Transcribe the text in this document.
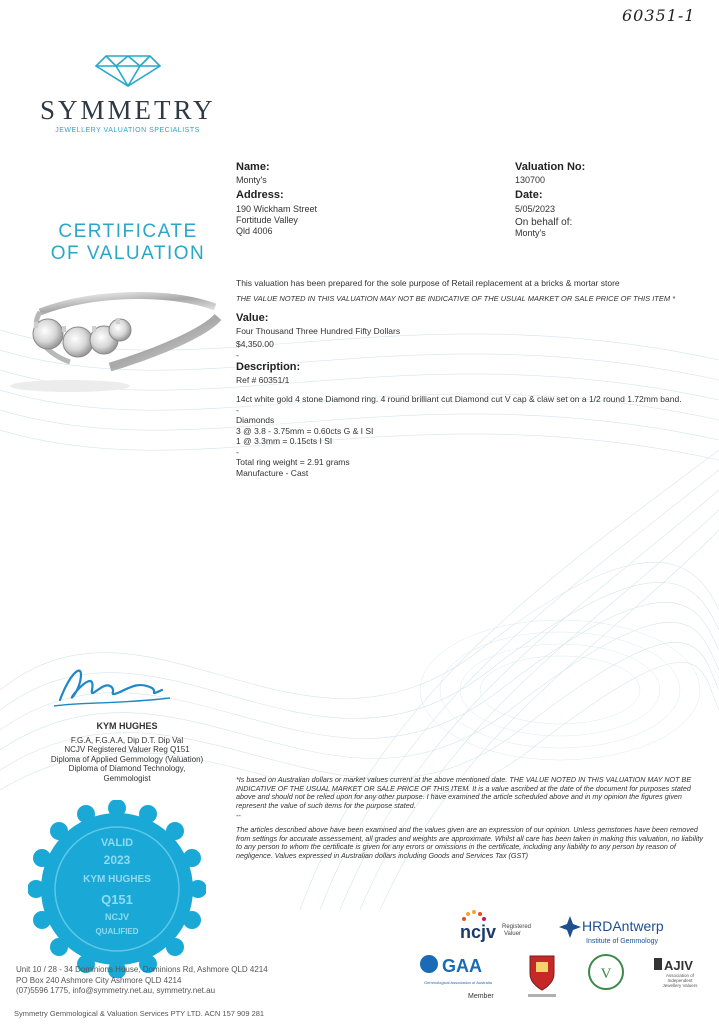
60351-1
SYMMETRY
JEWELLERY VALUATION SPECIALISTS
CERTIFICATE
OF VALUATION
Name:
Monty's
Address:
190 Wickham Street
Fortitude Valley
Qld 4006
Valuation No:
130700
Date:
5/05/2023
On behalf of:
Monty's

This valuation has been prepared for the sole purpose of Retail replacement at a bricks & mortar store

THE VALUE NOTED IN THIS VALUATION MAY NOT BE INDICATIVE OF THE USUAL MARKET OR SALE PRICE OF THIS ITEM *

Value:

Four Thousand Three Hundred Fifty Dollars

$4,350.00

-

Description:

Ref # 60351/1

14ct white gold 4 stone Diamond ring. 4 round brilliant cut Diamond cut V cap & claw set on a 1/2 round 1.72mm band.

-

Diamonds

3 @ 3.8 - 3.75mm = 0.60cts G & I SI

1 @ 3.3mm = 0.15cts I SI

-

Total ring weight = 2.91 grams

Manufacture - Cast

KYM HUGHES
F.G.A, F.G.A.A, Dip D.T. Dip Val
NCJV Registered Valuer Reg Q151
Diploma of Applied Gemmology (Valuation)
Diploma of Diamond Technology,
Gemmologist
VALID
2023
KYM HUGHES
Q151
NCJV
QUALIFIED

*Is based on Australian dollars or market values current at the above mentioned date. THE VALUE NOTED IN THIS VALUATION MAY NOT BE INDICATIVE OF THE USUAL MARKET OR SALE PRICE OF THIS ITEM. It is a value ascribed at the date of the document for purposes stated above and should not be relied upon for any other purpose. I have examined the article scheduled above and in my opinion the figures given represent the value of such items for the purpose stated.

--

The articles described above have been examined and the values given are an expression of our opinion. Unless gemstones have been removed from settings for accurate assessement, all grades and weights are approximate. Whilst all care has been taken in making this valuation, no liability to any person to whom the certificate is given for any errors or omissions in the certificate, including any liability to any person by reason of negligence. Values expressed in Australian dollars including Goods and Services Tax (GST)

ncjv Registered
Valuer	HRDAntwerp
Institute of Gemmology
GAA
Gemmological Association of Australia
Member
V
AJIV
Association of
Independent
Jewellery Valuers
Unit 10 / 28 - 34 Dominions House, Dominions Rd, Ashmore QLD 4214
PO Box 240 Ashmore City Ashmore QLD 4214
(07)5596 1775, info@symmetry.net.au, symmetry.net.au
Symmetry Gemmological & Valuation Services PTY LTD. ACN 157 909 281
